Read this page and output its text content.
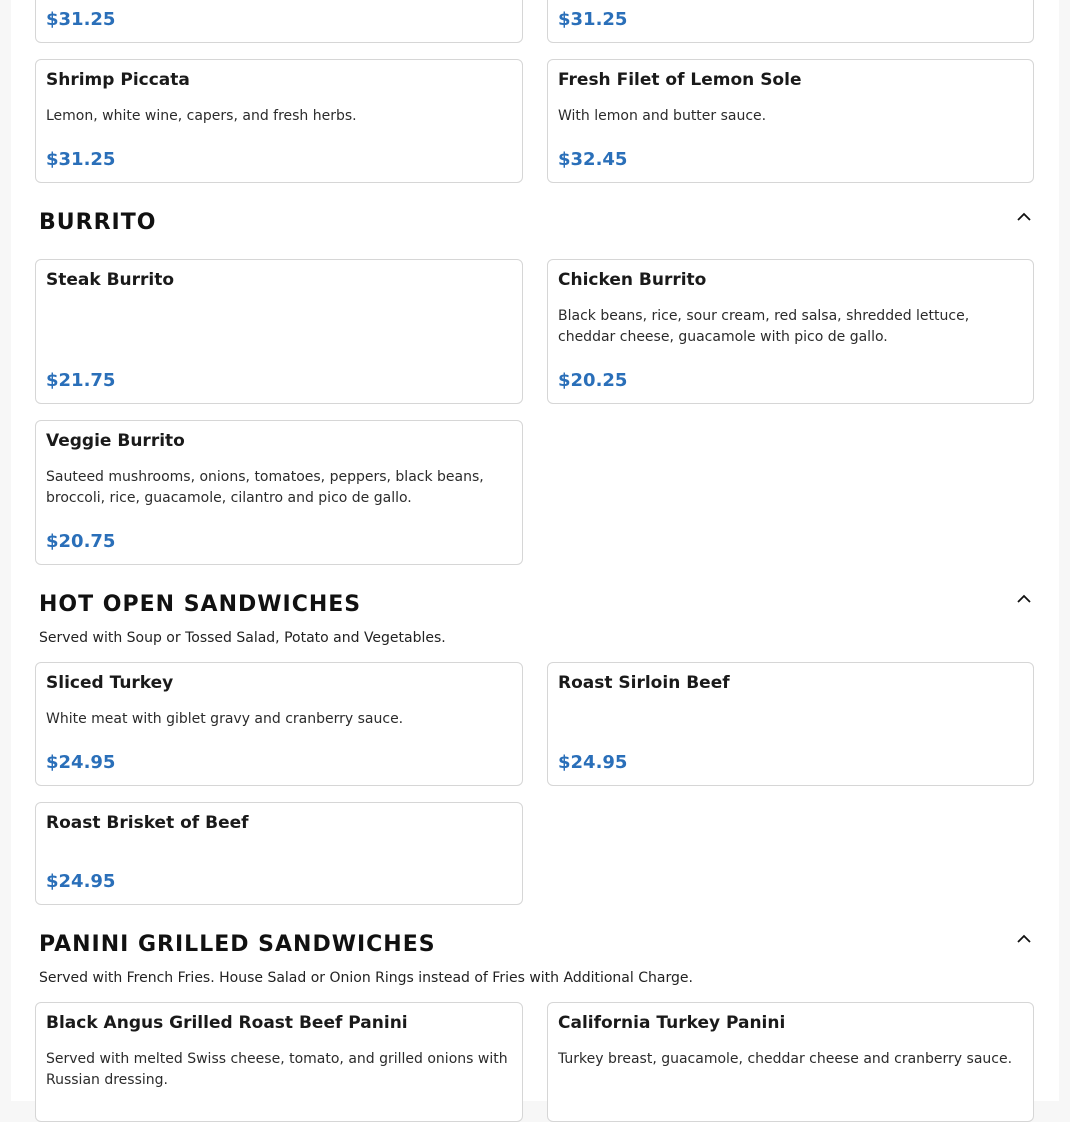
$31.25	$31.25
Shrimp Piccata
Lemon, white wine, capers, and fresh herbs.
$31.25
Fresh Filet of Lemon Sole
With lemon and butter sauce.
$32.45
BURRITO
Steak Burrito
$21.75
Chicken Burrito
Black beans, rice, sour cream, red salsa, shredded lettuce, cheddar cheese, guacamole with pico de gallo.
$20.25
Veggie Burrito
Sauteed mushrooms, onions, tomatoes, peppers, black beans, broccoli, rice, guacamole, cilantro and pico de gallo.
$20.75
HOT OPEN SANDWICHES
Served with Soup or Tossed Salad, Potato and Vegetables.
Sliced Turkey
White meat with giblet gravy and cranberry sauce.
$24.95
Roast Sirloin Beef
$24.95
Roast Brisket of Beef
$24.95
PANINI GRILLED SANDWICHES
Served with French Fries. House Salad or Onion Rings instead of Fries with Additional Charge.
Black Angus Grilled Roast Beef Panini
Served with melted Swiss cheese, tomato, and grilled onions with Russian dressing.
California Turkey Panini
Turkey breast, guacamole, cheddar cheese and cranberry sauce.
